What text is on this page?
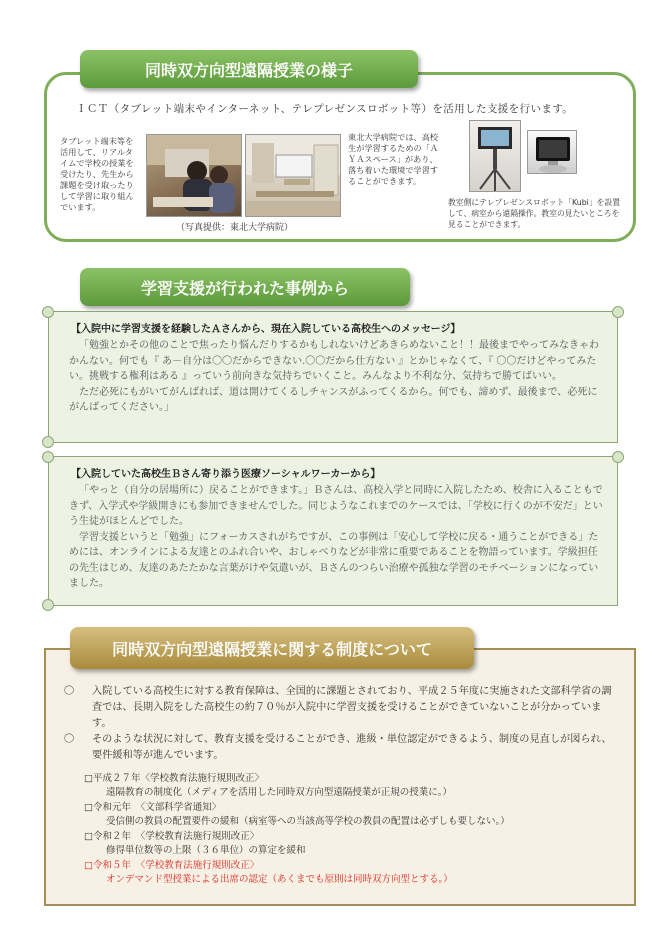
同時双方向型遠隔授業の様子
ＩＣＴ（タブレット端末やインターネット、テレプレゼンスロボット等）を活用した支援を行います。
タブレット端末等を活用して、リアルタイムで学校の授業を受けたり、先生から課題を受け取ったりして学習に取り組んでいます。
東北大学病院では、高校生が学習するための「ＡＹＡスペース」があり、落ち着いた環境で学習することができます。
教室側にテレプレゼンスロボット「Kubi」を設置して、病室から遠隔操作。教室の見たいところを見ることができます。
（写真提供：東北大学病院）
学習支援が行われた事例から
【入院中に学習支援を経験したＡさんから、現在入院している高校生へのメッセージ】

「勉強とかその他のことで焦ったり悩んだりするかもしれないけどあきらめないこと！！最後までやってみなきゃわかんない。何でも『 あ－自分は〇〇だからできない.〇〇だから仕方ない 』とかじゃなくて、『 〇〇だけどやってみたい。挑戦する権利はある 』っていう前向きな気持ちでいくこと。みんなより不利な分、気持ちで勝てばいい。

ただ必死にもがいてがんばれば、道は開けてくるしチャンスがふってくるから。何でも、諦めず、最後まで、必死にがんばってください。」

【入院していた高校生Ｂさん寄り添う医療ソーシャルワーカーから】

「やっと（自分の居場所に）戻ることができます。」Ｂさんは、高校入学と同時に入院したため、校舎に入ることもできず、入学式や学級開きにも参加できませんでした。同じようなこれまでのケースでは、「学校に行くのが不安だ」という生徒がほとんどでした。

学習支援というと「勉強」にフォーカスされがちですが、この事例は「安心して学校に戻る・通うことができる」ためには、オンラインによる友達とのふれ合いや、おしゃべりなどが非常に重要であることを物語っています。学級担任の先生はじめ、友達のあたたかな言葉がけや気遣いが、Ｂさんのつらい治療や孤独な学習のモチベーションになっていました。

同時双方向型遠隔授業に関する制度について
〇 入院している高校生に対する教育保障は、全国的に課題とされており、平成２５年度に実施された文部科学省の調査では、長期入院をした高校生の約７０％が入院中に学習支援を受けることができていないことが分かっています。
〇 そのような状況に対して、教育支援を受けることができ、進級・単位認定ができるよう、制度の見直しが図られ、要件緩和等が進んでいます。
□平成２７年〈学校教育法施行規則改正〉
遠隔教育の制度化（メディアを活用した同時双方向型遠隔授業が正規の授業に。）
□令和元年　〈文部科学省通知〉
受信側の教員の配置要件の緩和（病室等への当該高等学校の教員の配置は必ずしも要しない。）
□令和２年　〈学校教育法施行規則改正〉
修得単位数等の上限（３６単位）の算定を緩和
□令和５年　〈学校教育法施行規則改正〉
オンデマンド型授業による出席の認定（あくまでも原則は同時双方向型とする。）
